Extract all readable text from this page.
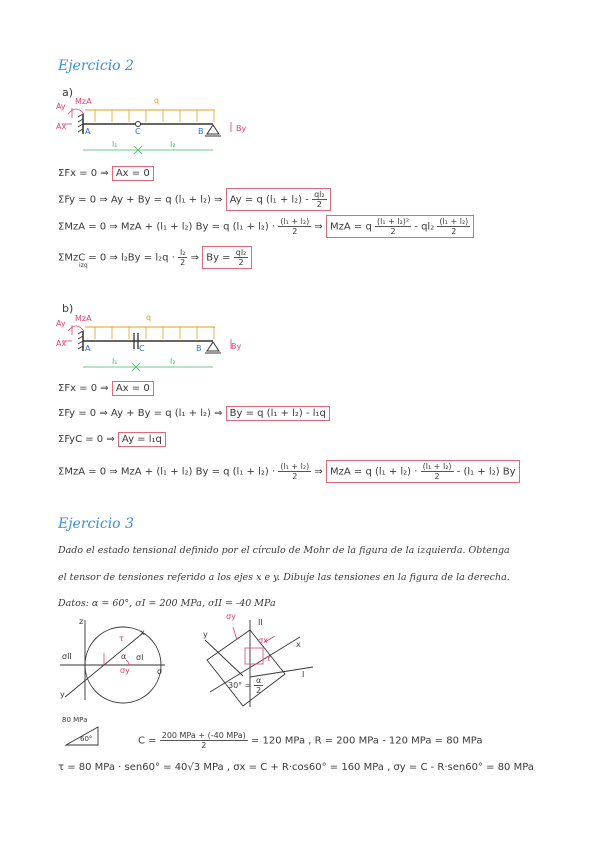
Ejercicio 2
a)
MzA
Ay
Ax
q
A	C	B	By
l₁	l₂
ΣFx = 0 ⇒ Ax = 0
ΣFy = 0 ⇒ Ay + By = q (l₁ + l₂) ⇒ Ay = q $(l_1 + l_2) - \frac{\text{ql₂}}{2}$
ΣMzA = 0 ⇒ MzA + (l₁ + l₂) By = q $(l_1 + l_2) \cdot \frac{\text{(l₁ + l₂)}}{2}$ ⇒ MzA = q $\frac{\text{(l₁ + l₂)²}}{2} - ql_2 \frac{\text{(l₁ + l₂)}}{2}$
ΣMzC = 0 ⇒ $l_2By = l_2q \cdot \frac{\text{l₂}}{2}$ ⇒ $By = \frac{\text{ql₂}}{2}$
izq
b)
MzA
Ay
Ax
q
A	C	B	By
l₁	l₂
ΣFx = 0 ⇒ Ax = 0
ΣFy = 0 ⇒ Ay + By = q (l₁ + l₂) ⇒ By = q (l₁ + l₂) - l₁q
ΣFyC = 0 ⇒ Ay = l₁q
ΣMzA = 0 ⇒ MzA + (l₁ + l₂) By = q $(l_1 + l_2) \cdot \frac{\text{(l₁ + l₂)}}{2}$ ⇒ MzA = q $(l_1 + l_2) \cdot \frac{\text{(l₁ + l₂)}}{2} - (l_1 + l_2)$ By
Ejercicio 3
Dado el estado tensional definido por el círculo de Mohr de la figura de la izquierda. Obtenga
el tensor de tensiones referido a los ejes x e y. Dibuje las tensiones en la figura de la derecha.
Datos: α = 60°, σI = 200 MPa, σII = -40 MPa
z
x
y
σ
α
σII	σI
τ
σy
y
x
I
II
σy
σx
τ
$30^\circ = \frac{\alpha}{2}$
80 MPa
60°	$C = \frac{\text{200 MPa + (-40 MPa)}}{2} = 120$ MPa , R = 200 MPa - 120 MPa = 80 MPa
τ = 80 MPa · sen60° = 40√3 MPa , σx = C + R·cos60° = 160 MPa , σy = C - R·sen60° = 80 MPa
